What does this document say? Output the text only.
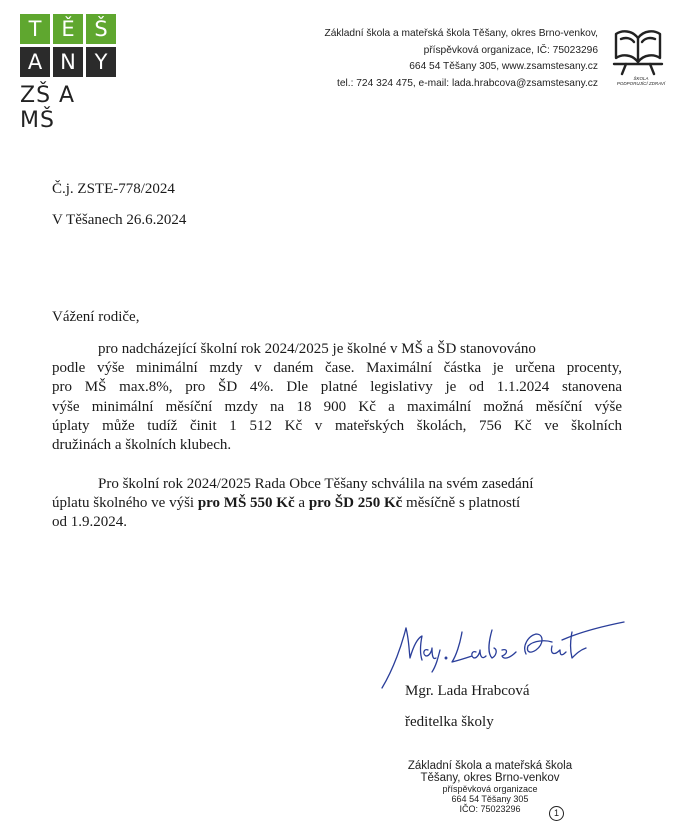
T Ě Š
A N Y
ZŠ A MŠ
Základní škola a mateřská škola Těšany, okres Brno-venkov,
příspěvková organizace, IČ: 75023296
664 54 Těšany 305, www.zsamstesany.cz
tel.: 724 324 475, e-mail: lada.hrabcova@zsamstesany.cz	ŠKOLA
PODPORUJÍCÍ ZDRAVÍ
Č.j. ZSTE-778/2024
V Těšanech 26.6.2024
Vážení rodiče,
pro nadcházející školní rok 2024/2025 je školné v MŠ a ŠD stanovováno
podle výše minimální mzdy v daném čase. Maximální částka je určena procenty,
pro MŠ max.8%, pro ŠD 4%. Dle platné legislativy je od 1.1.2024 stanovena
výše minimální měsíční mzdy na 18 900 Kč a maximální možná měsíční výše
úplaty může tudíž činit 1 512 Kč v mateřských školách, 756 Kč ve školních
družinách a školních klubech.
Pro školní rok 2024/2025 Rada Obce Těšany schválila na svém zasedání
úplatu školného ve výši pro MŠ 550 Kč a pro ŠD 250 Kč měsíčně s platností
od 1.9.2024.
Mgr. Lada Hrabcová
ředitelka školy
Základní škola a mateřská škola
Těšany, okres Brno-venkov
příspěvková organizace
664 54 Těšany 305
IČO: 75023296	1
